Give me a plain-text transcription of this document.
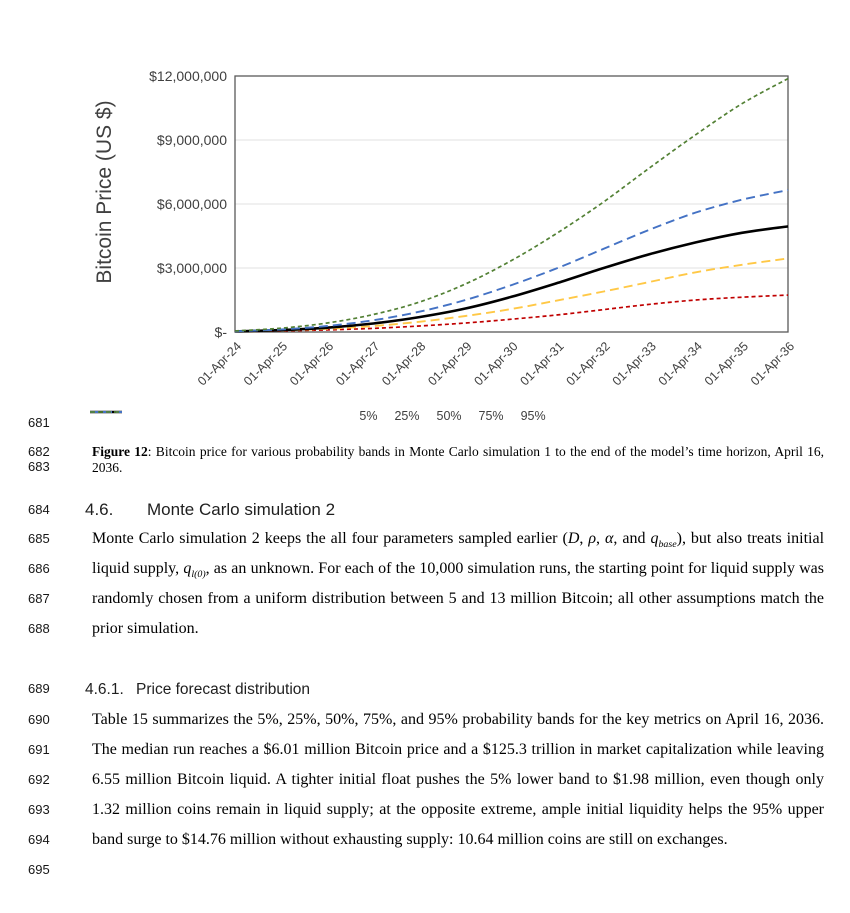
$-
$3,000,000
$6,000,000
$9,000,000
$12,000,000
01-Apr-24
01-Apr-25
01-Apr-26
01-Apr-27
01-Apr-28
01-Apr-29
01-Apr-30
01-Apr-31
01-Apr-32
01-Apr-33
01-Apr-34
01-Apr-35
01-Apr-36
Bitcoin Price (US $)
5% 25% 50% 75% 95%
681
682
683
684
685
686
687
688
689
690
691
692
693
694
695

Figure 12: Bitcoin price for various probability bands in Monte Carlo simulation 1 to the end of the model’s time horizon, April 16, 2036.

4.6. Monte Carlo simulation 2

Monte Carlo simulation 2 keeps the all four parameters sampled earlier (D, ρ, α, and $q_{base}$), but also treats initial liquid supply, $q_{l(0)}$, as an unknown. For each of the 10,000 simulation runs, the starting point for liquid supply was randomly chosen from a uniform distribution between 5 and 13 million Bitcoin; all other assumptions match the prior simulation.

4.6.1. Price forecast distribution

Table 15 summarizes the 5%, 25%, 50%, 75%, and 95% probability bands for the key metrics on April 16, 2036. The median run reaches a $6.01 million Bitcoin price and a $125.3 trillion in market capitalization while leaving 6.55 million Bitcoin liquid. A tighter initial float pushes the 5% lower band to $1.98 million, even though only 1.32 million coins remain in liquid supply; at the opposite extreme, ample initial liquidity helps the 95% upper band surge to $14.76 million without exhausting supply: 10.64 million coins are still on exchanges.
